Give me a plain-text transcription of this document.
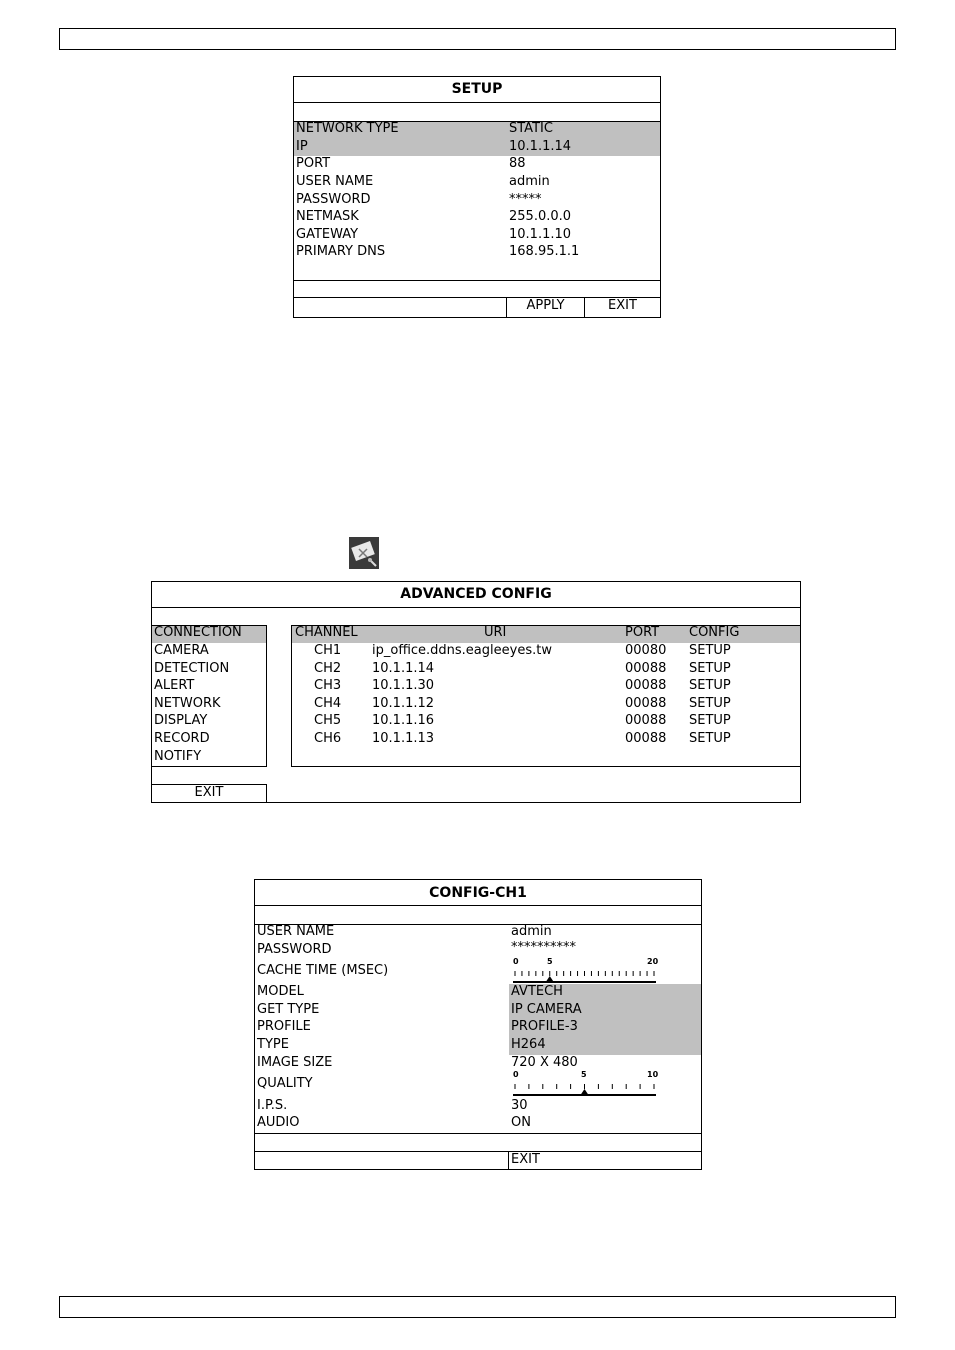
SETUP
NETWORK TYPE	STATIC
IP	10.1.1.14
PORT	88
USER NAME	admin
PASSWORD	*****
NETMASK	255.0.0.0
GATEWAY	10.1.1.10
PRIMARY DNS	168.95.1.1
APPLY	EXIT
ADVANCED CONFIG
CONNECTION
CAMERA
DETECTION
ALERT
NETWORK
DISPLAY
RECORD
NOTIFY
CHANNEL	URI	PORT CONFIG
CH1 ip_office.ddns.eagleeyes.tw	00080 SETUP
CH2 10.1.1.14	00088 SETUP
CH3 10.1.1.30	00088 SETUP
CH4 10.1.1.12	00088 SETUP
CH5 10.1.1.16	00088 SETUP
CH6 10.1.1.13	00088 SETUP
EXIT
CONFIG-CH1
USER NAME	admin
PASSWORD	**********
CACHE TIME (MSEC)
0	5	20
MODEL	AVTECH
GET TYPE	IP CAMERA
PROFILE	PROFILE-3
TYPE	H264
IMAGE SIZE	720 X 480
QUALITY
0	5	10
I.P.S.	30
AUDIO	ON
EXIT
